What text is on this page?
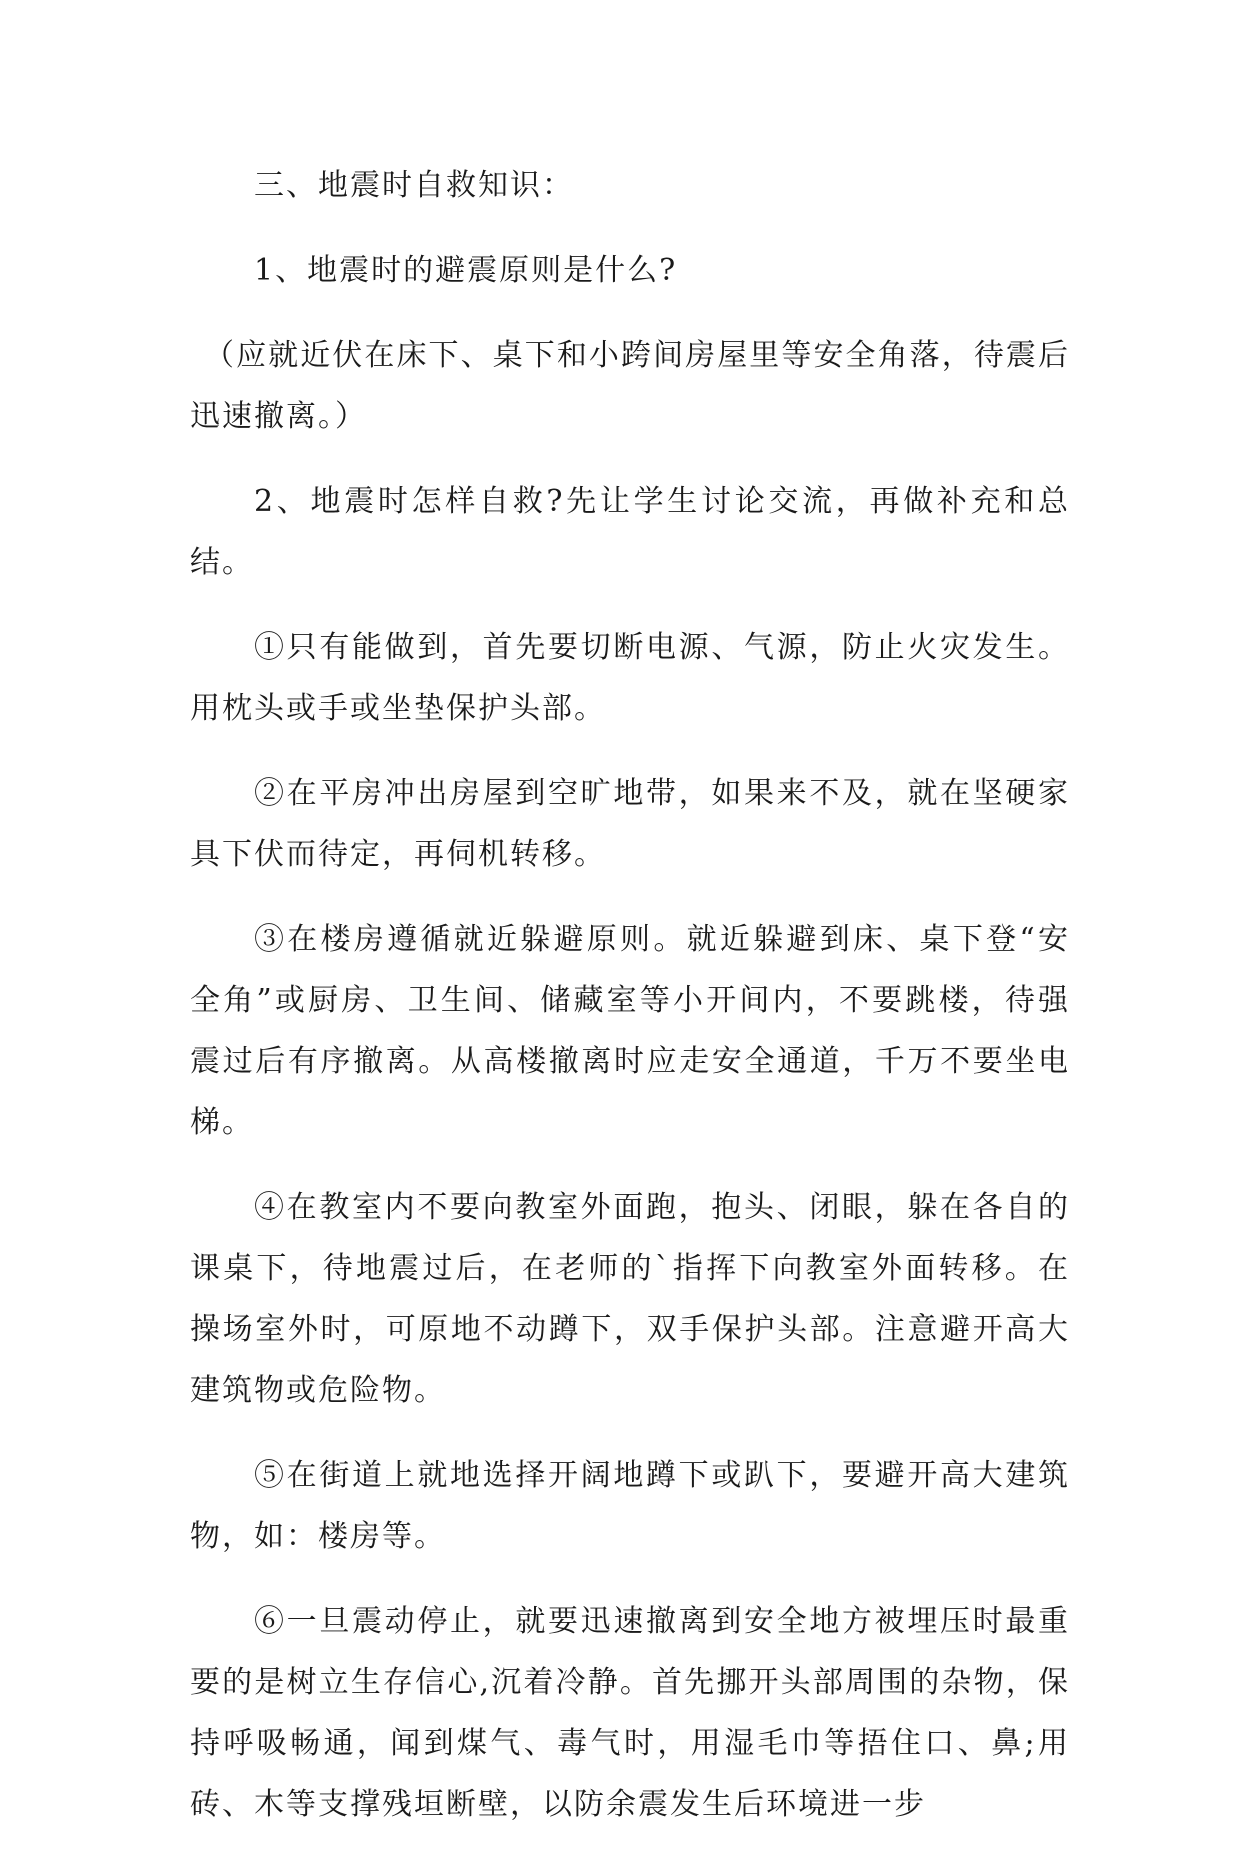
三、地震时自救知识：

1、地震时的避震原则是什么?

（应就近伏在床下、桌下和小跨间房屋里等安全角落，待震后迅速撤离。）

2、地震时怎样自救?先让学生讨论交流，再做补充和总结。

①只有能做到，首先要切断电源、气源，防止火灾发生。用枕头或手或坐垫保护头部。

②在平房冲出房屋到空旷地带，如果来不及，就在坚硬家具下伏而待定，再伺机转移。

③在楼房遵循就近躲避原则。就近躲避到床、桌下登“安全角”或厨房、卫生间、储藏室等小开间内，不要跳楼，待强震过后有序撤离。从高楼撤离时应走安全通道，千万不要坐电梯。

④在教室内不要向教室外面跑，抱头、闭眼，躲在各自的课桌下，待地震过后，在老师的`指挥下向教室外面转移。在操场室外时，可原地不动蹲下，双手保护头部。注意避开高大建筑物或危险物。

⑤在街道上就地选择开阔地蹲下或趴下，要避开高大建筑物，如：楼房等。

⑥一旦震动停止，就要迅速撤离到安全地方被埋压时最重要的是树立生存信心,沉着冷静。首先挪开头部周围的杂物，保持呼吸畅通，闻到煤气、毒气时，用湿毛巾等捂住口、鼻;用砖、木等支撑残垣断壁，以防余震发生后环境进一步
